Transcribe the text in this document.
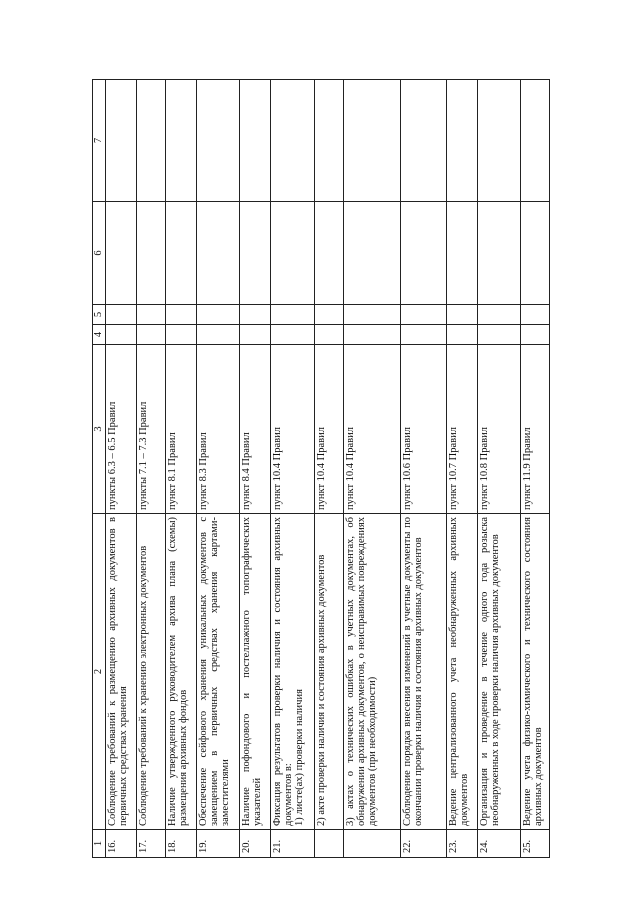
1	2	3	4	5	6	7
16.	Соблюдение требований к размещению архивных документов в первичных средствах хранения	пункты 6.3 – 6.5 Правил				
17.	Соблюдение требований к хранению электронных документов	пункты 7.1 – 7.3 Правил				
18.	Наличие утвержденного руководителем архива плана (схемы) размещения архивных фондов	пункт 8.1 Правил				
19.	Обеспечение сейфового хранения уникальных документов с замещением в первичных средствах хранения картами-заместителями	пункт 8.3 Правил				
20.	Наличие пофондового и постеллажного топографических указателей	пункт 8.4 Правил				
21.	Фиксация результатов проверки наличия и состояния архивных документов в: 1) листе(ах) проверки наличия	пункт 10.4 Правил				

	2) акте проверки наличия и состояния архивных документов	пункт 10.4 Правил				

	3) актах о технических ошибках в учетных документах, об обнаружении архивных документов, о неисправимых повреждениях документов (при необходимости)	пункт 10.4 Правил				
22.	Соблюдение порядка внесения изменений в учетные документы по окончании проверки наличия и состояния архивных документов	пункт 10.6 Правил				
23.	Ведение централизованного учета необнаруженных архивных документов	пункт 10.7 Правил				
24.	Организация и проведение в течение одного года розыска необнаруженных в ходе проверки наличия архивных документов	пункт 10.8 Правил				
25.	Ведение учета физико-химического и технического состояния архивных документов	пункт 11.9 Правил				
